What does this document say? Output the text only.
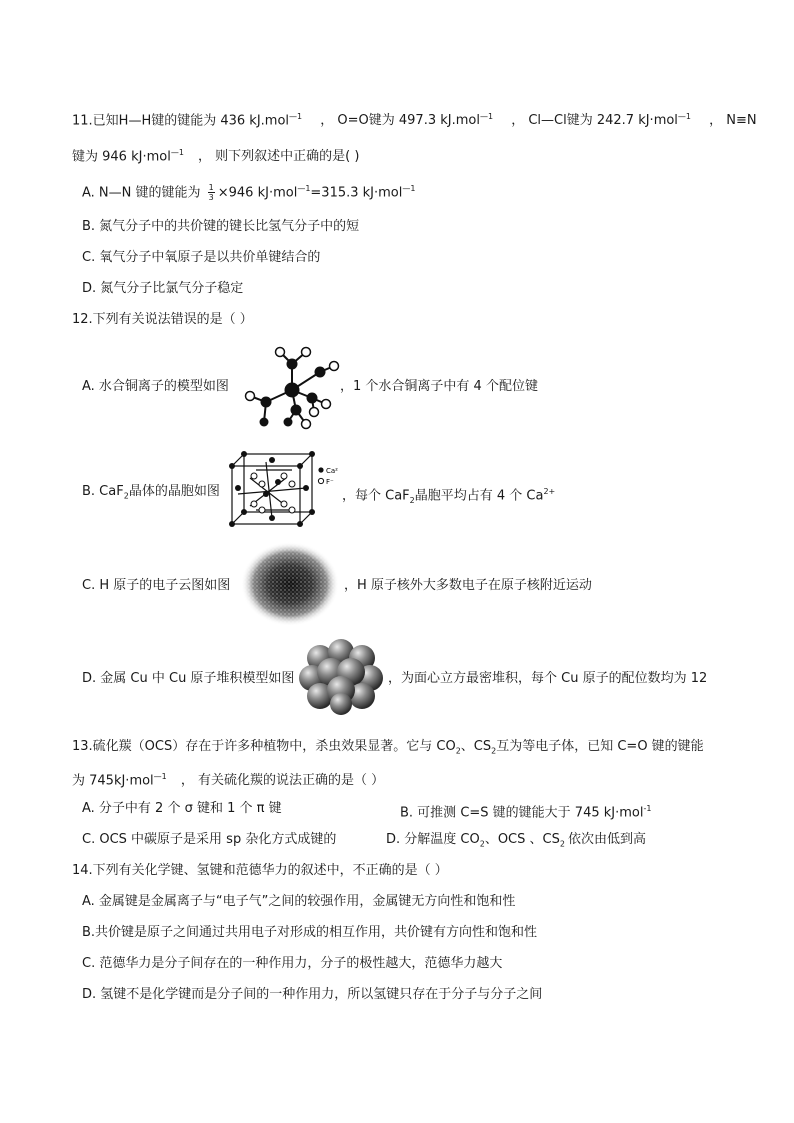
11.已知H—H键的键能为 436 kJ.mol$^{—1}$ ， O=O键为 497.3 kJ.mol$^{—1}$ ， Cl—Cl键为 242.7 kJ·mol$^{—1}$ ， N≡N
键为 946 kJ·mol$^{—1}$ ， 则下列叙述中正确的是( )
A. N—N 键的键能为 $\frac{1}{3} \times 946$ kJ·mol$^{—1}$=315.3 kJ·mol$^{—1}$
B. 氮气分子中的共价键的键长比氢气分子中的短
C. 氧气分子中氧原子是以共价单键结合的
D. 氮气分子比氯气分子稳定
12.下列有关说法错误的是（ ）
A. 水合铜离子的模型如图	，1 个水合铜离子中有 4 个配位键
B. CaF$_2$晶体的晶胞如图
Ca²
F⁻
，每个 CaF$_2$晶胞平均占有 4 个 $Ca^{2+}$
C. H 原子的电子云图如图	，H 原子核外大多数电子在原子核附近运动
D. 金属 Cu 中 Cu 原子堆积模型如图	，为面心立方最密堆积，每个 Cu 原子的配位数均为 12
13.硫化羰（OCS）存在于许多种植物中，杀虫效果显著。它与 $CO_2$、$CS_2$互为等电子体，已知 C=O 键的键能
为 745kJ·mol$^{—1}$ ， 有关硫化羰的说法正确的是（ ）
A. 分子中有 2 个 σ 键和 1 个 π 键	B. 可推测 C=S 键的键能大于 745 kJ·mol$^{-1}$
C. OCS 中碳原子是采用 sp 杂化方式成键的	D. 分解温度 $CO_2$、OCS 、$CS_2$ 依次由低到高
14.下列有关化学键、氢键和范德华力的叙述中，不正确的是（ ）
A. 金属键是金属离子与“电子气”之间的较强作用，金属键无方向性和饱和性
B.共价键是原子之间通过共用电子对形成的相互作用，共价键有方向性和饱和性
C. 范德华力是分子间存在的一种作用力，分子的极性越大，范德华力越大
D. 氢键不是化学键而是分子间的一种作用力，所以氢键只存在于分子与分子之间
